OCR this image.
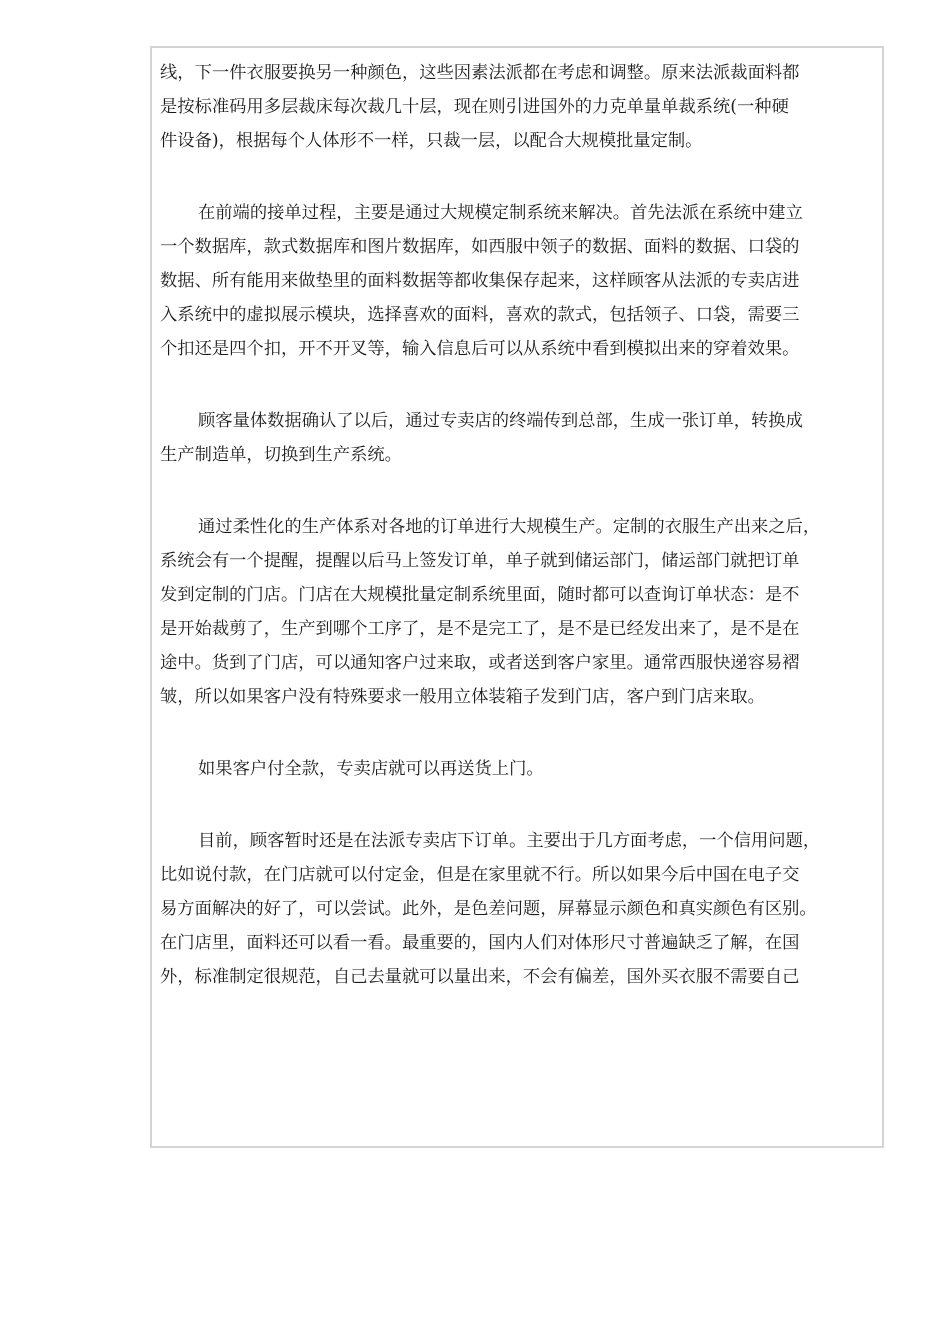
线，下一件衣服要换另一种颜色，这些因素法派都在考虑和调整。原来法派裁面料都
是按标准码用多层裁床每次裁几十层，现在则引进国外的力克单量单裁系统(一种硬
件设备)，根据每个人体形不一样，只裁一层，以配合大规模批量定制。
在前端的接单过程，主要是通过大规模定制系统来解决。首先法派在系统中建立
一个数据库，款式数据库和图片数据库，如西服中领子的数据、面料的数据、口袋的
数据、所有能用来做垫里的面料数据等都收集保存起来，这样顾客从法派的专卖店进
入系统中的虚拟展示模块，选择喜欢的面料，喜欢的款式，包括领子、口袋，需要三
个扣还是四个扣，开不开叉等，输入信息后可以从系统中看到模拟出来的穿着效果。
顾客量体数据确认了以后，通过专卖店的终端传到总部，生成一张订单，转换成
生产制造单，切换到生产系统。
通过柔性化的生产体系对各地的订单进行大规模生产。定制的衣服生产出来之后，
系统会有一个提醒，提醒以后马上签发订单，单子就到储运部门，储运部门就把订单
发到定制的门店。门店在大规模批量定制系统里面，随时都可以查询订单状态：是不
是开始裁剪了，生产到哪个工序了，是不是完工了，是不是已经发出来了，是不是在
途中。货到了门店，可以通知客户过来取，或者送到客户家里。通常西服快递容易褶
皱，所以如果客户没有特殊要求一般用立体装箱子发到门店，客户到门店来取。
如果客户付全款，专卖店就可以再送货上门。
目前，顾客暂时还是在法派专卖店下订单。主要出于几方面考虑，一个信用问题，
比如说付款，在门店就可以付定金，但是在家里就不行。所以如果今后中国在电子交
易方面解决的好了，可以尝试。此外，是色差问题，屏幕显示颜色和真实颜色有区别。
在门店里，面料还可以看一看。最重要的，国内人们对体形尺寸普遍缺乏了解，在国
外，标准制定很规范，自己去量就可以量出来，不会有偏差，国外买衣服不需要自己
